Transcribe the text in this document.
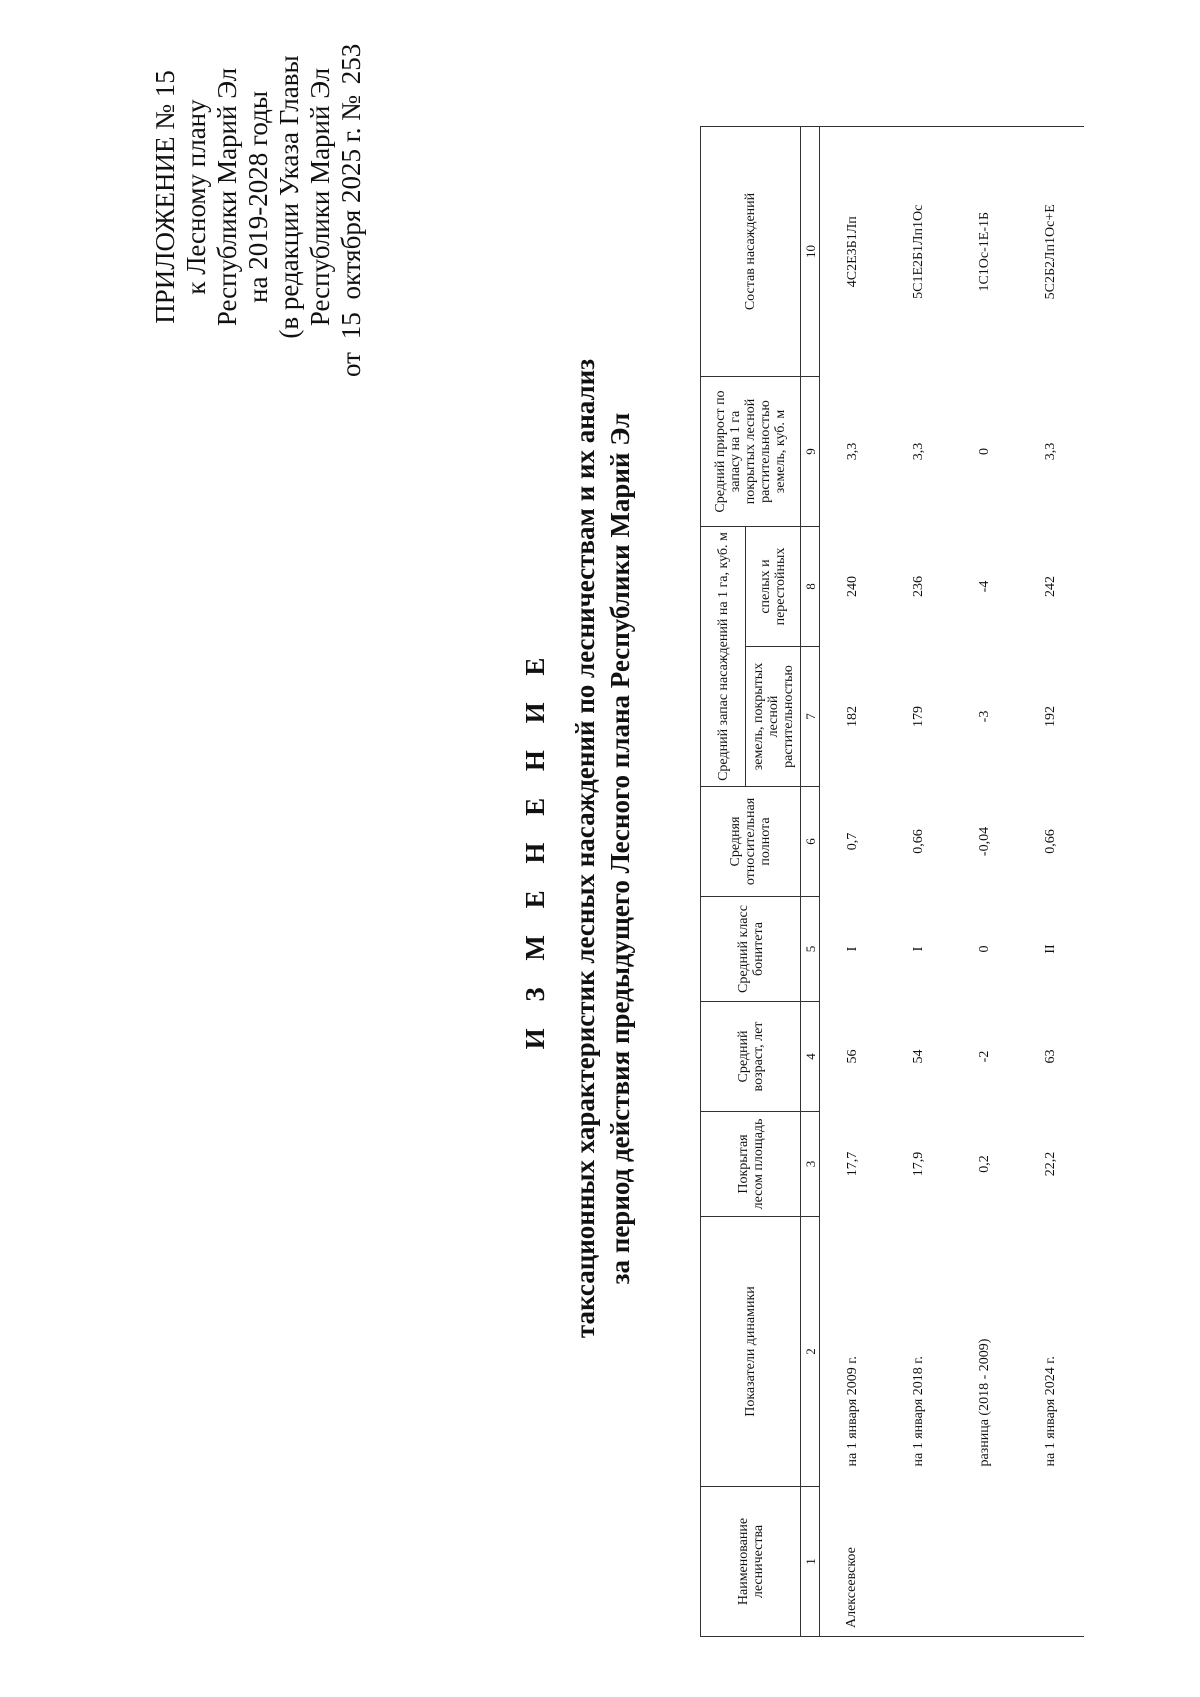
ПРИЛОЖЕНИЕ № 15 к Лесному плану Республики Марий Эл на 2019-2028 годы (в редакции Указа Главы Республики Марий Эл
от 15 октября 2025 г. № 253
И З М Е Н Е Н И Е таксационных характеристик лесных насаждений по лесничествам и их анализ за период действия предыдущего Лесного плана Республики Марий Эл
Наименование лесничества	Показатели динамики	Покрытая лесом площадь	Средний возраст, лет	Средний класс бонитета	Средняя относительная полнота	Средний запас насаждений на 1 га, куб. м		Средний прирост по запасу на 1 га покрытых лесной растительностью земель, куб. м	Состав насаждений
						земель, покрытых лесной растительностью	спелых и перестойных		
1	2	3	4	5	6	7	8	9	10
Алексеевское	на 1 января 2009 г.	17,7	56	I	0,7	182	240	3,3	4С2Е3Б1Лп
	на 1 января 2018 г.	17,9	54	I	0,66	179	236	3,3	5С1Е2Б1Лп1Ос
	разница (2018 - 2009)	0,2	-2	0	-0,04	-3	-4	0	1С1Ос-1Е-1Б
	на 1 января 2024 г.	22,2	63	II	0,66	192	242	3,3	5С2Б2Лп1Ос+Е
